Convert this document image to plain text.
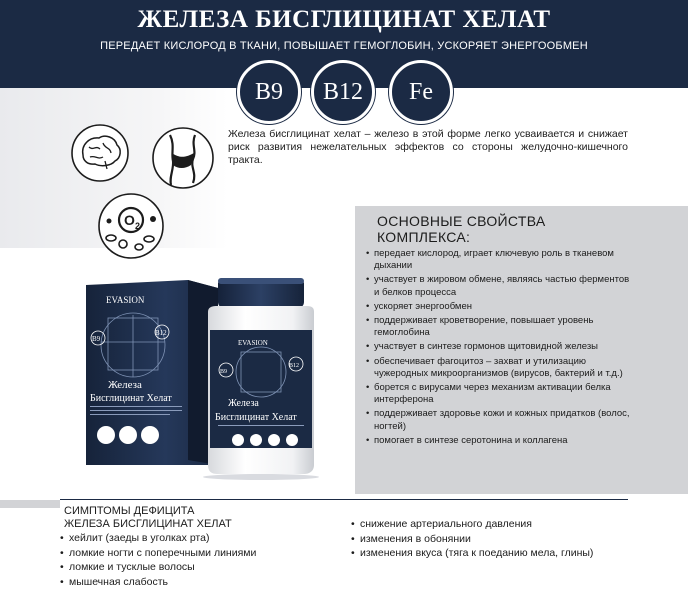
ЖЕЛЕЗА БИСГЛИЦИНАТ ХЕЛАТ
ПЕРЕДАЕТ КИСЛОРОД В ТКАНИ, ПОВЫШАЕТ ГЕМОГЛОБИН, УСКОРЯЕТ ЭНЕРГООБМЕН
B9	B12	Fe
O 2
Железа бисглицинат хелат – железо в этой форме легко усваивается и снижает риск развития нежелательных эффектов со стороны желудочно-кишечного тракта.
EVASION
B9
B12
Железа
Бисглицинат Хелат
EVASION
B9
B12
Железа
Бисглицинат Хелат
ОСНОВНЫЕ СВОЙСТВА
КОМПЛЕКСА:
• передает кислород, играет ключевую роль в тканевом дыхании
• участвует в жировом обмене, являясь частью ферментов и белков процесса
• ускоряет энергообмен
• поддерживает кроветворение, повышает уровень гемоглобина
• участвует в синтезе гормонов щитовидной железы
• обеспечивает фагоцитоз – захват и утилизацию чужеродных микроорганизмов (вирусов, бактерий и т.д.)
• борется с вирусами через механизм активации белка интерферона
• поддерживает здоровье кожи и кожных придатков (волос, ногтей)
• помогает в синтезе серотонина и коллагена
СИМПТОМЫ ДЕФИЦИТА
ЖЕЛЕЗА БИСГЛИЦИНАТ ХЕЛАТ
• хейлит (заеды в уголках рта)
• ломкие ногти с поперечными линиями
• ломкие и тусклые волосы
• мышечная слабость
• снижение артериального давления
• изменения в обонянии
• изменения вкуса (тяга к поеданию мела, глины)
